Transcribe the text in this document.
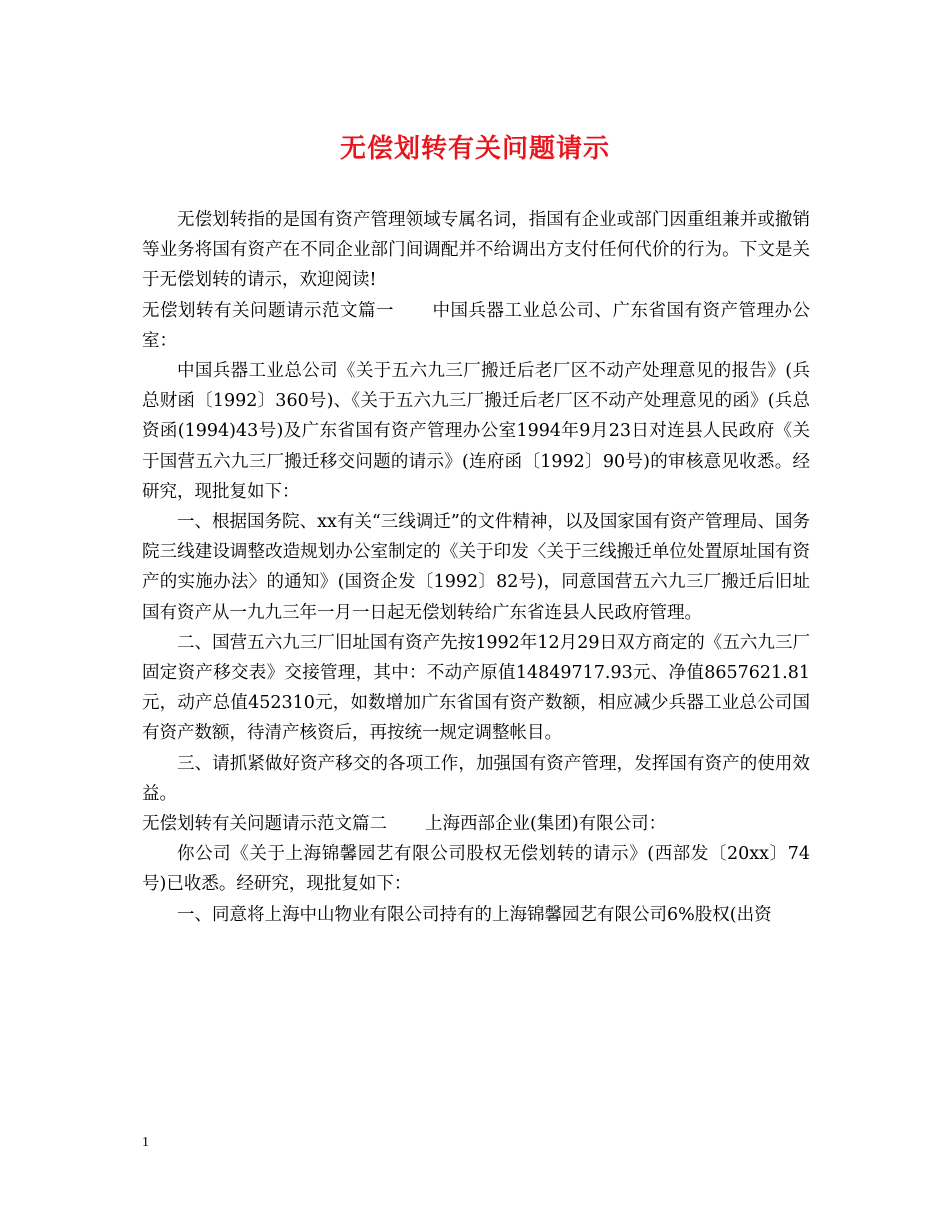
无偿划转有关问题请示

无偿划转指的是国有资产管理领域专属名词，指国有企业或部门因重组兼并或撤销等业务将国有资产在不同企业部门间调配并不给调出方支付任何代价的行为。下文是关于无偿划转的请示，欢迎阅读!

无偿划转有关问题请示范文篇一 中国兵器工业总公司、广东省国有资产管理办公室：

中国兵器工业总公司《关于五六九三厂搬迁后老厂区不动产处理意见的报告》(兵总财函〔1992〕360号)、《关于五六九三厂搬迁后老厂区不动产处理意见的函》(兵总资函(1994)43号)及广东省国有资产管理办公室1994年9月23日对连县人民政府《关于国营五六九三厂搬迁移交问题的请示》(连府函〔1992〕90号)的审核意见收悉。经研究，现批复如下：

一、根据国务院、xx有关“三线调迁”的文件精神，以及国家国有资产管理局、国务院三线建设调整改造规划办公室制定的《关于印发〈关于三线搬迁单位处置原址国有资产的实施办法〉的通知》(国资企发〔1992〕82号)，同意国营五六九三厂搬迁后旧址国有资产从一九九三年一月一日起无偿划转给广东省连县人民政府管理。

二、国营五六九三厂旧址国有资产先按1992年12月29日双方商定的《五六九三厂固定资产移交表》交接管理，其中：不动产原值14849717.93元、净值8657621.81元，动产总值452310元，如数增加广东省国有资产数额，相应减少兵器工业总公司国有资产数额，待清产核资后，再按统一规定调整帐目。

三、请抓紧做好资产移交的各项工作，加强国有资产管理，发挥国有资产的使用效益。

无偿划转有关问题请示范文篇二 上海西部企业(集团)有限公司：

你公司《关于上海锦馨园艺有限公司股权无偿划转的请示》(西部发〔20xx〕74号)已收悉。经研究，现批复如下：

一、同意将上海中山物业有限公司持有的上海锦馨园艺有限公司6%股权(出资

1
